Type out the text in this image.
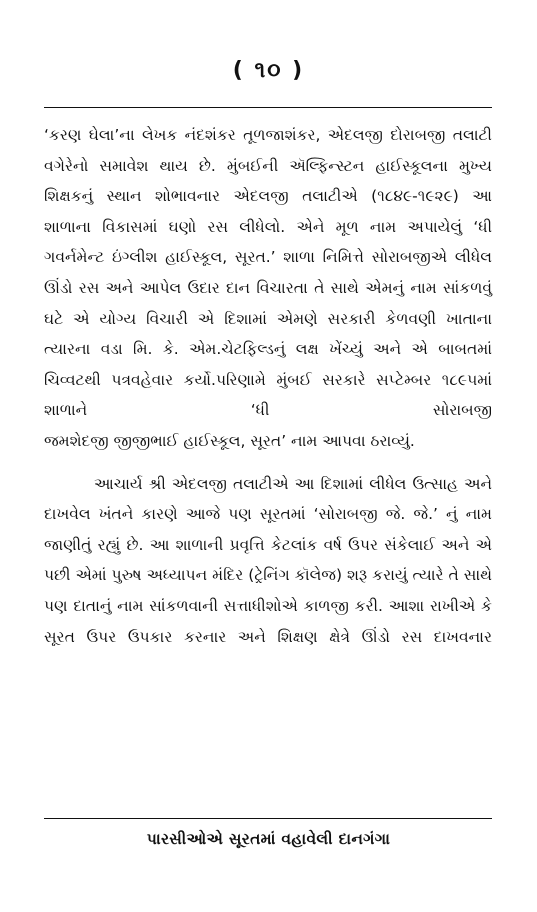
( ૧૦ )

‘કરણ ઘેલા’ના લેખક નંદશંકર તૂળજાશંકર, એદલજી દોરાબજી તલાટી વગેરેનો સમાવેશ થાય છે. મુંબઈની ઍલ્ફિન્સ્ટન હાઈસ્કૂલના મુખ્ય શિક્ષકનું સ્થાન શોભાવનાર એદલજી તલાટીએ (૧૮૪૯-૧૯૨૯) આ શાળાના વિકાસમાં ઘણો રસ લીધેલો. એને મૂળ નામ અપાયેલું ‘ધી ગવર્નમેન્ટ ઇંગ્લીશ હાઈસ્કૂલ, સૂરત.’ શાળા નિમિત્તે સોરાબજીએ લીધેલ ઊંડો રસ અને આપેલ ઉદાર દાન વિચારતા તે સાથે એમનું નામ સાંકળવું ઘટે એ યોગ્ય વિચારી એ દિશામાં એમણે સરકારી કેળવણી ખાતાના ત્યારના વડા મિ. કે. એમ.ચેટફિલ્ડનું લક્ષ ખેંચ્યું અને એ બાબતમાં ચિવ્વટથી પત્રવહેવાર કર્યો.પરિણામે મુંબઈ સરકારે સપ્ટેમ્બર ૧૮૯૫માં શાળાને ‘ધી સોરાબજી
જમશેદજી જીજીભાઈ હાઈસ્કૂલ, સૂરત’ નામ આપવા ઠરાવ્યું.

આચાર્ય શ્રી એદલજી તલાટીએ આ દિશામાં લીધેલ ઉત્સાહ અને દાખવેલ ખંતને કારણે આજે પણ સૂરતમાં ‘સોરાબજી જે. જે.’ નું નામ જાણીતું રહ્યું છે. આ શાળાની પ્રવૃત્તિ કેટલાંક વર્ષ ઉપર સંકેલાઈ અને એ પછી એમાં પુરુષ અધ્યાપન મંદિર (ટ્રેનિંગ કૉલેજ) શરૂ કરાયું ત્યારે તે સાથે પણ દાતાનું નામ સાંકળવાની સત્તાધીશોએ કાળજી કરી. આશા રાખીએ કે સૂરત ઉપર ઉપકાર કરનાર અને શિક્ષણ ક્ષેત્રે ઊંડો રસ દાખવનાર

પારસીઓએ સૂરતમાં વહાવેલી દાનગંગા
